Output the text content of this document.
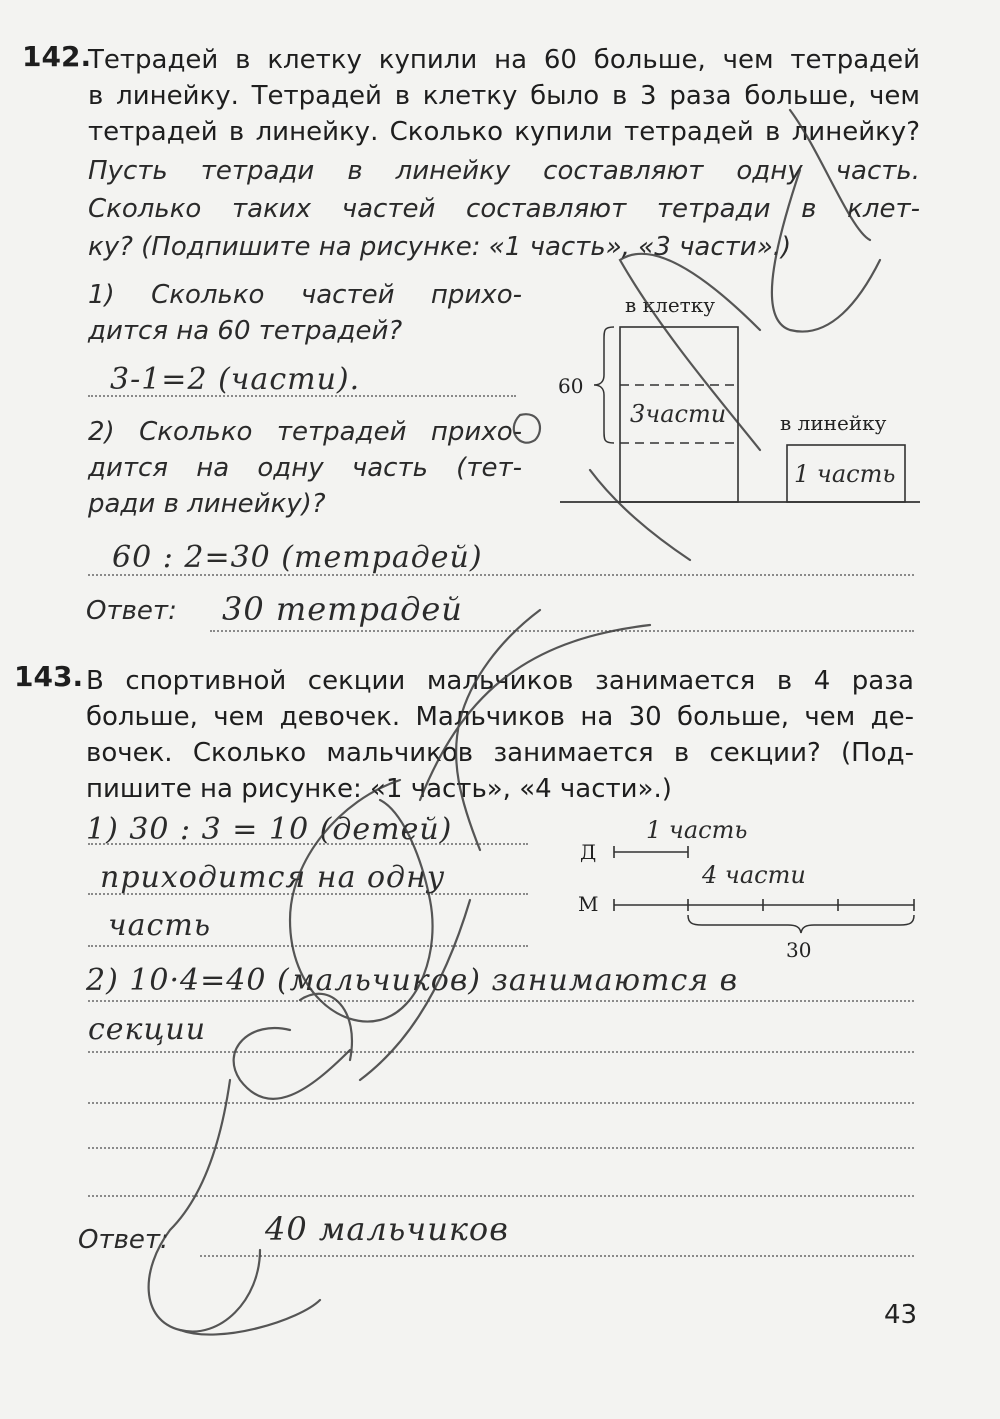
142.
Тетрадей в клетку купили на 60 больше, чем тетрадей
в линейку. Тетрадей в клетку было в 3 раза больше, чем
тетрадей в линейку. Сколько купили тетрадей в линейку?
Пусть тетради в линейку составляют одну часть.
Сколько таких частей составляют тетради в клет-
ку? (Подпишите на рисунке: «1 часть», «3 части».)
1) Сколько частей прихо-
дится на 60 тетрадей?
3-1=2 (части).
2) Сколько тетрадей прихо-
дится на одну часть (тет-
ради в линейку)?
60 : 2=30 (тетрадей)
Ответ: 30 тетрадей
в клетку
60
3части	в линейку
1 часть
143. В спортивной секции мальчиков занимается в 4 раза
больше, чем девочек. Мальчиков на 30 больше, чем де-
вочек. Сколько мальчиков занимается в секции? (Под-
пишите на рисунке: «1 часть», «4 части».)
1) 30 : 3 = 10 (детей)
приходится на одну
часть
2) 10·4=40 (мальчиков) занимаются в
секции
Ответ:	40 мальчиков
Д
1 часть
М
4 части
30
43
